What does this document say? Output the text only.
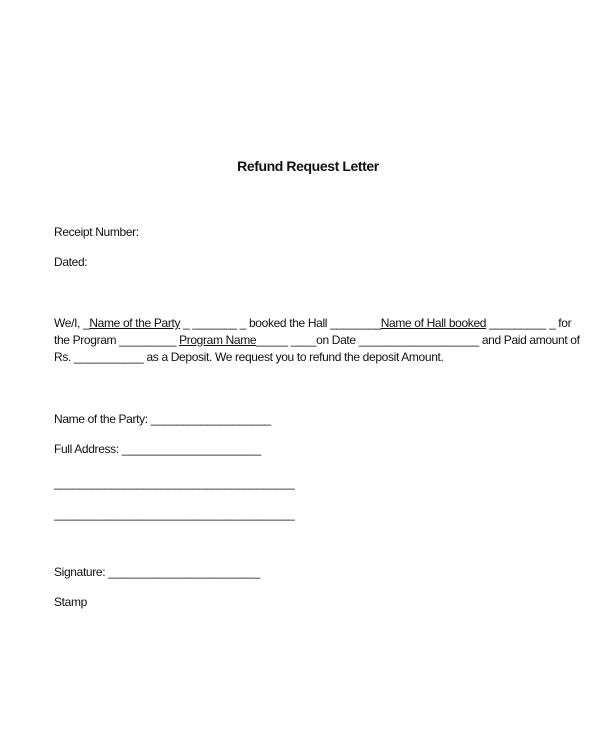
Refund Request Letter
Receipt Number:
Dated:
We/I, _Name of the Party _ _______ _ booked the Hall ________Name of Hall booked _________ _ for
the Program _________ Program Name_____ ____on Date ___________________ and Paid amount of
Rs. ___________ as a Deposit. We request you to refund the deposit Amount.
Name of the Party: ___________________
Full Address: ______________________
______________________________________
______________________________________
Signature: ________________________
Stamp
